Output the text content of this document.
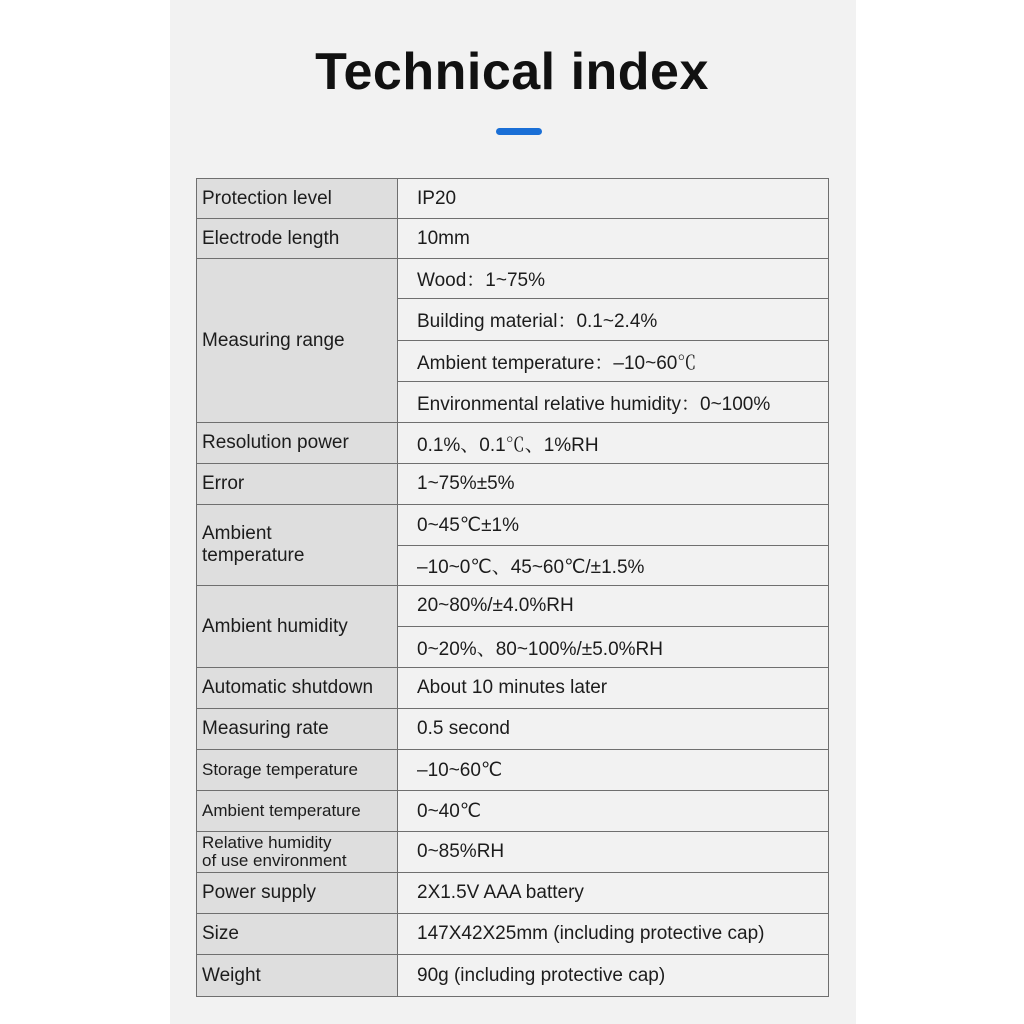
Technical index
Protection level	IP20
Electrode length	10mm
Measuring range	Wood：1~75%
	Building material：0.1~2.4%
	Ambient temperature：–10~60℃
	Environmental relative humidity：0~100%
Resolution power	0.1%、0.1℃、1%RH
Error	1~75%±5%

Ambient
temperature	0~45℃±1%
	–10~0℃、45~60℃/±1.5%
Ambient humidity	20~80%/±4.0%RH
	0~20%、80~100%/±5.0%RH
Automatic shutdown	About 10 minutes later
Measuring rate	0.5 second
Storage temperature	–10~60℃
Ambient temperature	0~40℃

Relative humidity
of use environment	0~85%RH
Power supply	2X1.5V AAA battery
Size	147X42X25mm (including protective cap)
Weight	90g (including protective cap)
